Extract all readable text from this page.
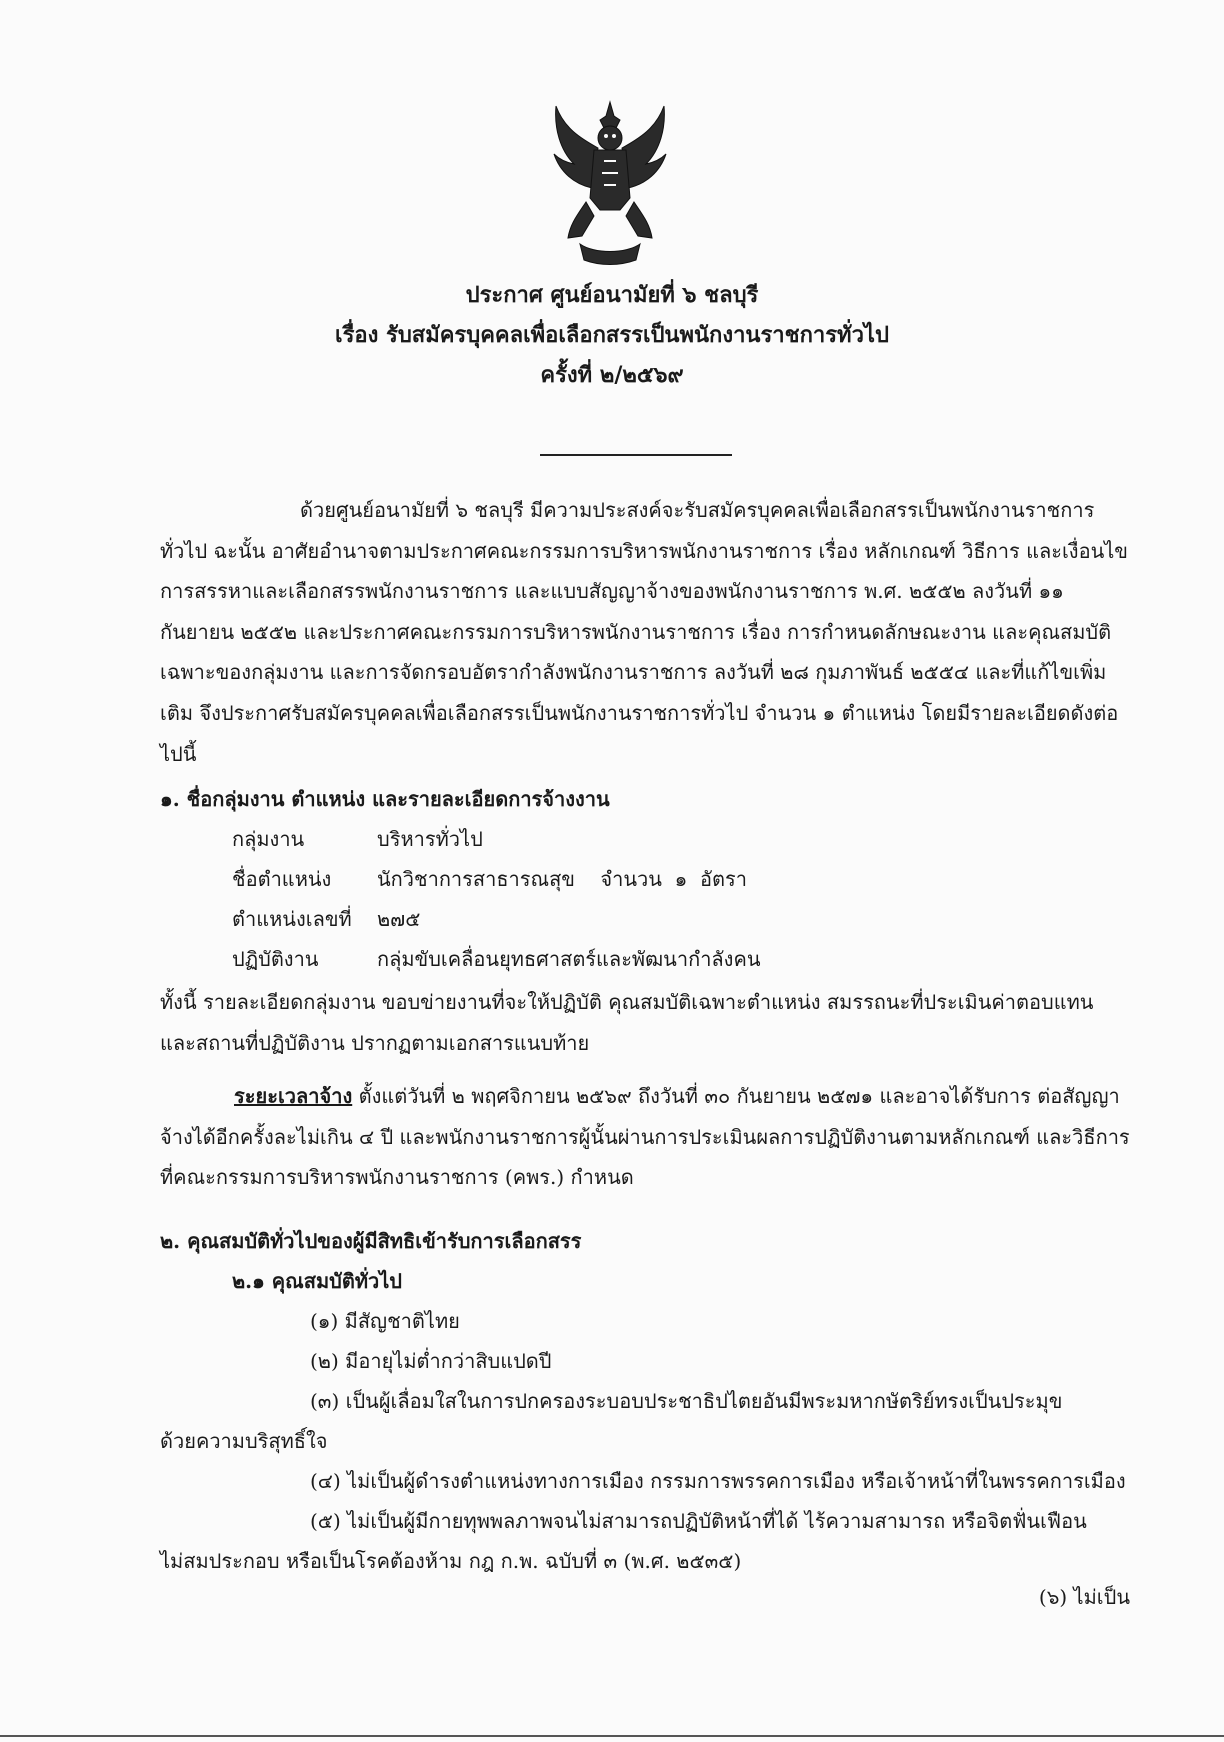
ประกาศ ศูนย์อนามัยที่ ๖ ชลบุรี
เรื่อง รับสมัครบุคคลเพื่อเลือกสรรเป็นพนักงานราชการทั่วไป
ครั้งที่ ๒/๒๕๖๙
ด้วยศูนย์อนามัยที่ ๖ ชลบุรี มีความประสงค์จะรับสมัครบุคคลเพื่อเลือกสรรเป็นพนักงานราชการทั่วไป ฉะนั้น อาศัยอำนาจตามประกาศคณะกรรมการบริหารพนักงานราชการ เรื่อง หลักเกณฑ์ วิธีการ และเงื่อนไข การสรรหาและเลือกสรรพนักงานราชการ และแบบสัญญาจ้างของพนักงานราชการ พ.ศ. ๒๕๕๒ ลงวันที่ ๑๑ กันยายน ๒๕๕๒ และประกาศคณะกรรมการบริหารพนักงานราชการ เรื่อง การกำหนดลักษณะงาน และคุณสมบัติเฉพาะของกลุ่มงาน และการจัดกรอบอัตรากำลังพนักงานราชการ ลงวันที่ ๒๘ กุมภาพันธ์ ๒๕๕๔ และที่แก้ไขเพิ่มเติม จึงประกาศรับสมัครบุคคลเพื่อเลือกสรรเป็นพนักงานราชการทั่วไป จำนวน ๑ ตำแหน่ง โดยมีรายละเอียดดังต่อไปนี้
๑. ชื่อกลุ่มงาน ตำแหน่ง และรายละเอียดการจ้างงาน
กลุ่มงาน	บริหารทั่วไป
ชื่อตำแหน่ง นักวิชาการสาธารณสุข    จำนวน  ๑  อัตรา
ตำแหน่งเลขที่ ๒๗๕
ปฏิบัติงาน	กลุ่มขับเคลื่อนยุทธศาสตร์และพัฒนากำลังคน
ทั้งนี้ รายละเอียดกลุ่มงาน ขอบข่ายงานที่จะให้ปฏิบัติ คุณสมบัติเฉพาะตำแหน่ง สมรรถนะที่ประเมินค่าตอบแทน และสถานที่ปฏิบัติงาน ปรากฏตามเอกสารแนบท้าย
ระยะเวลาจ้าง ตั้งแต่วันที่ ๒ พฤศจิกายน ๒๕๖๙ ถึงวันที่ ๓๐ กันยายน ๒๕๗๑ และอาจได้รับการ ต่อสัญญาจ้างได้อีกครั้งละไม่เกิน ๔ ปี และพนักงานราชการผู้นั้นผ่านการประเมินผลการปฏิบัติงานตามหลักเกณฑ์ และวิธีการที่คณะกรรมการบริหารพนักงานราชการ (คพร.) กำหนด
๒. คุณสมบัติทั่วไปของผู้มีสิทธิเข้ารับการเลือกสรร
๒.๑ คุณสมบัติทั่วไป
(๑) มีสัญชาติไทย
(๒) มีอายุไม่ต่ำกว่าสิบแปดปี
(๓) เป็นผู้เลื่อมใสในการปกครองระบอบประชาธิปไตยอันมีพระมหากษัตริย์ทรงเป็นประมุข
ด้วยความบริสุทธิ์ใจ
(๔) ไม่เป็นผู้ดำรงตำแหน่งทางการเมือง กรรมการพรรคการเมือง หรือเจ้าหน้าที่ในพรรคการเมือง
(๕) ไม่เป็นผู้มีกายทุพพลภาพจนไม่สามารถปฏิบัติหน้าที่ได้ ไร้ความสามารถ หรือจิตฟั่นเฟือน
ไม่สมประกอบ หรือเป็นโรคต้องห้าม กฎ ก.พ. ฉบับที่ ๓ (พ.ศ. ๒๕๓๕)
(๖) ไม่เป็น
